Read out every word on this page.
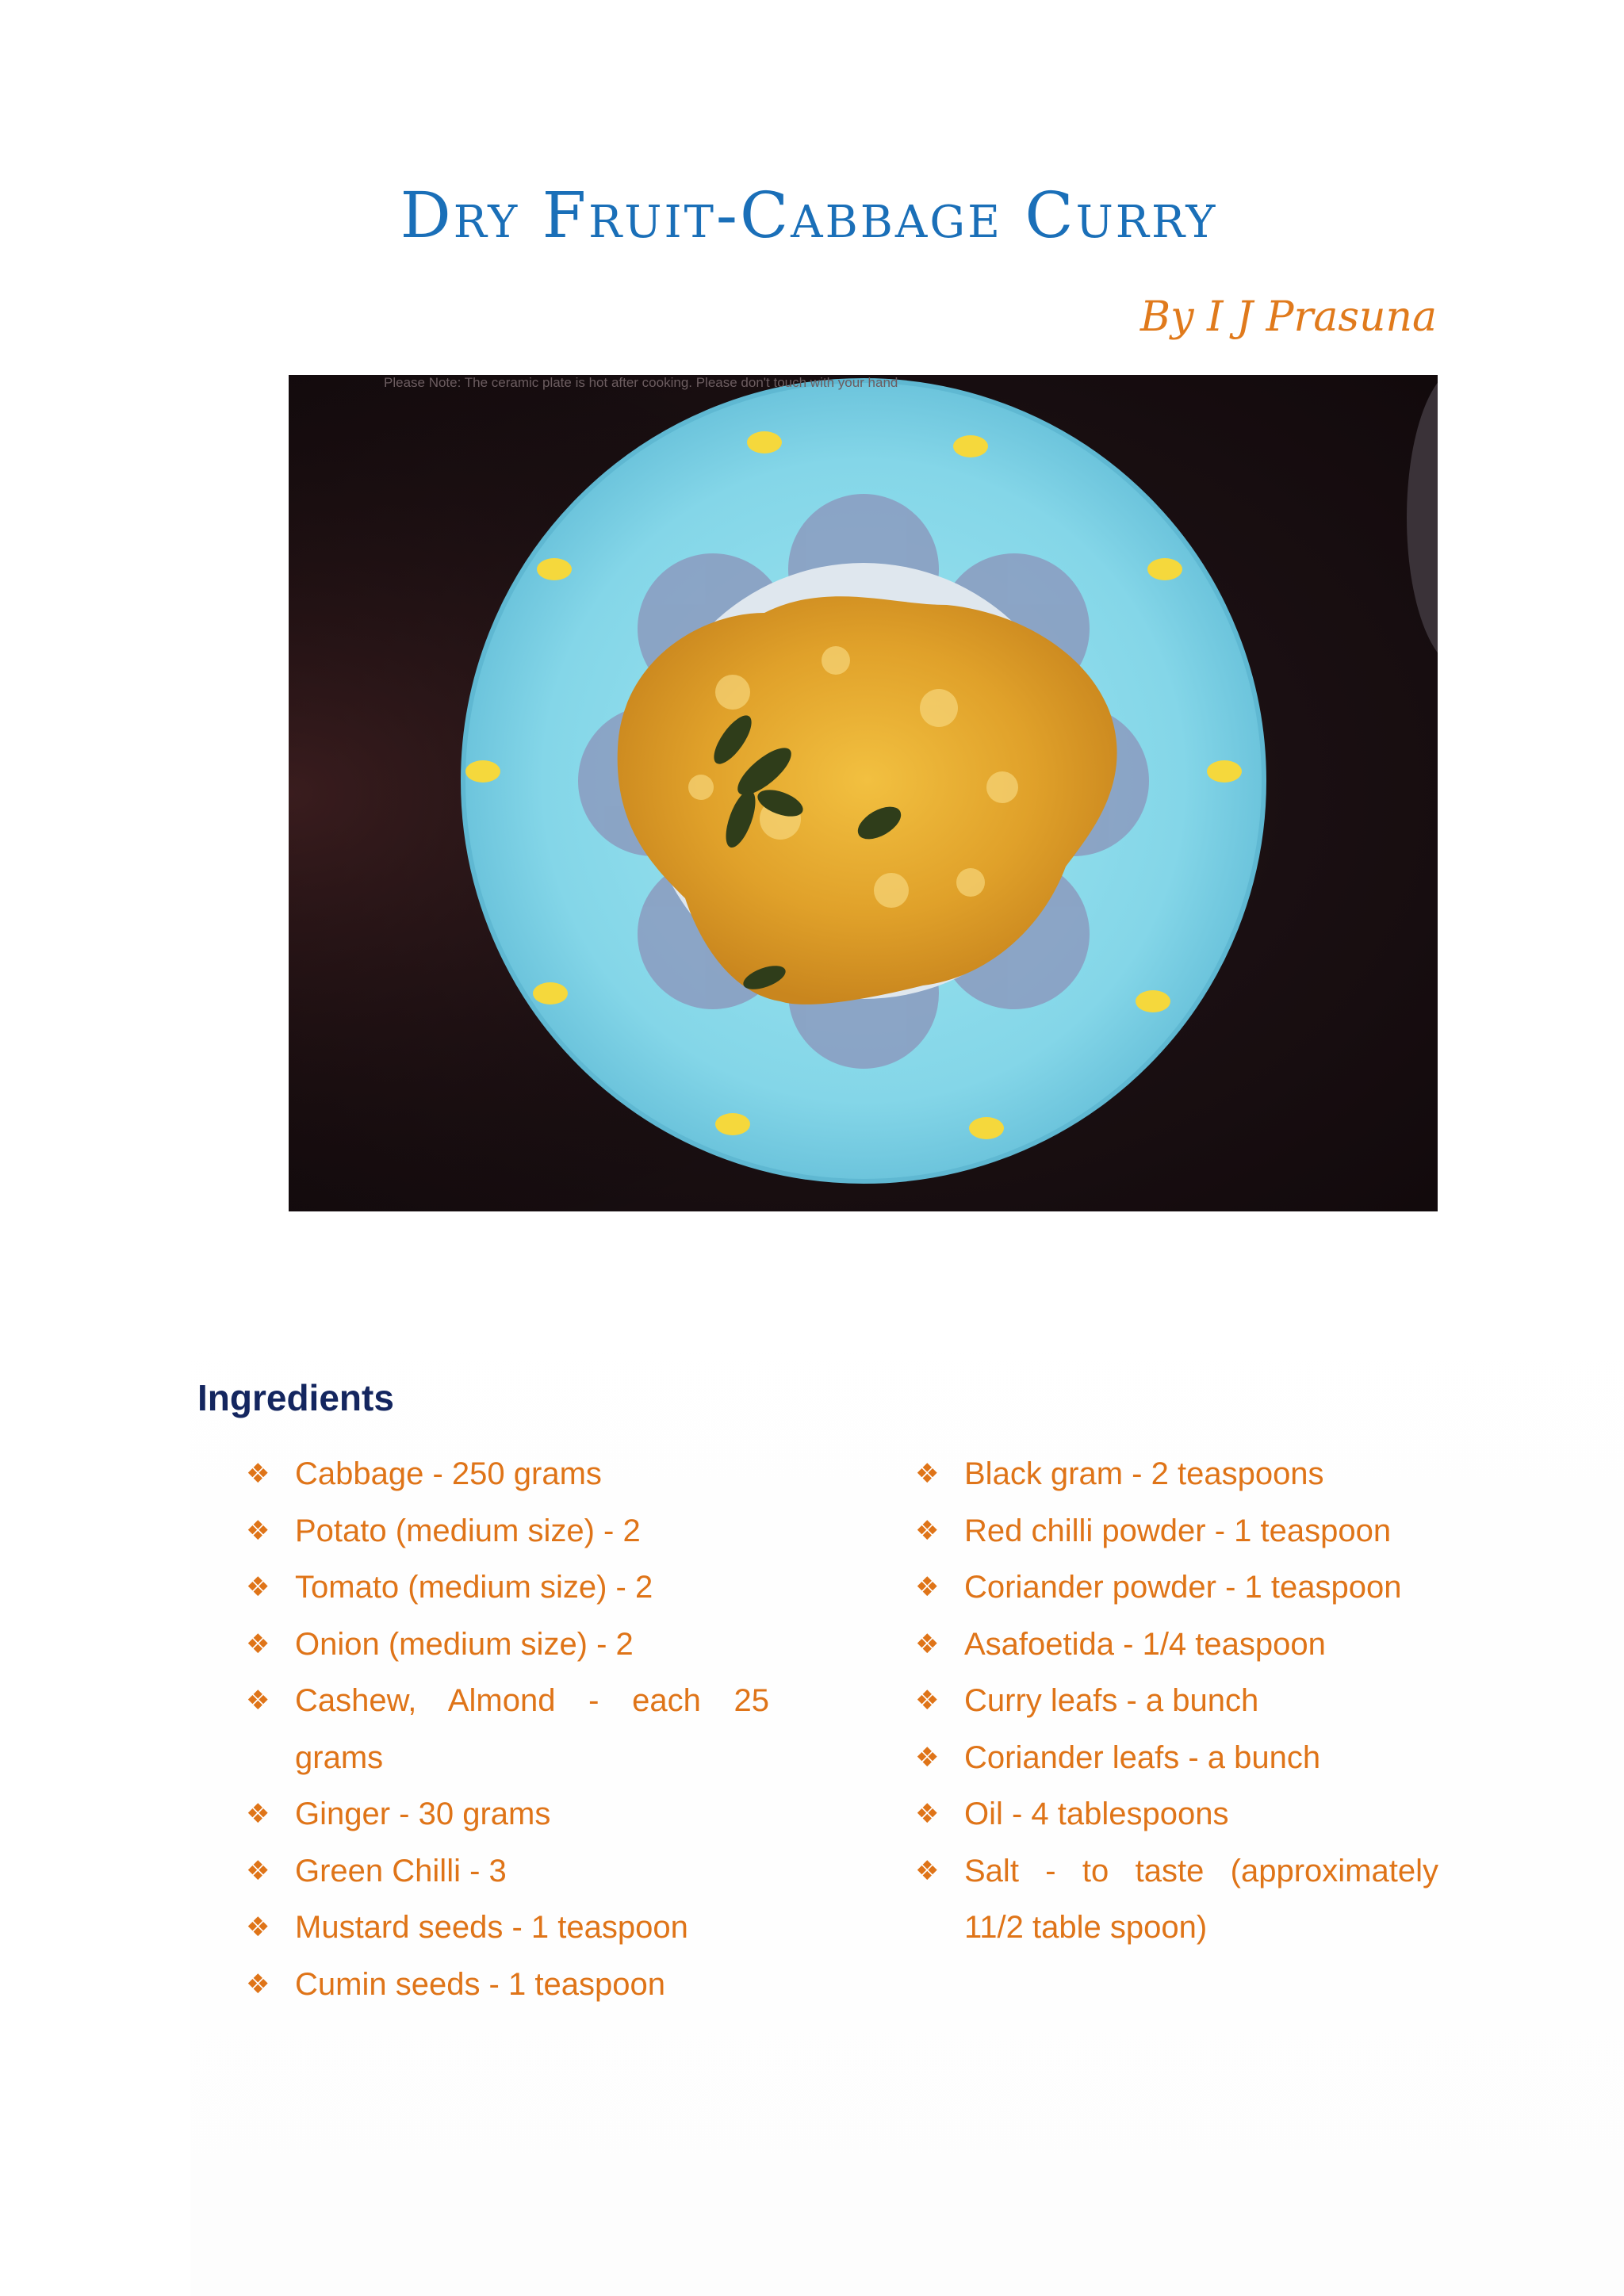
Dry Fruit-Cabbage Curry

By I J Prasuna

Please Note: The ceramic plate is hot after cooking. Please don't touch with your hand
Ingredients
❖ Cabbage - 250 grams
❖ Potato (medium size) - 2
❖ Tomato (medium size) - 2
❖ Onion (medium size) - 2
❖ Cashew, Almond - each 25
grams
❖ Ginger - 30 grams
❖ Green Chilli - 3
❖ Mustard seeds - 1 teaspoon
❖ Cumin seeds - 1 teaspoon
❖ Black gram - 2 teaspoons
❖ Red chilli powder - 1 teaspoon
❖ Coriander powder - 1 teaspoon
❖ Asafoetida - 1/4 teaspoon
❖ Curry leafs - a bunch
❖ Coriander leafs - a bunch
❖ Oil - 4 tablespoons
❖ Salt - to taste (approximately
11/2 table spoon)
